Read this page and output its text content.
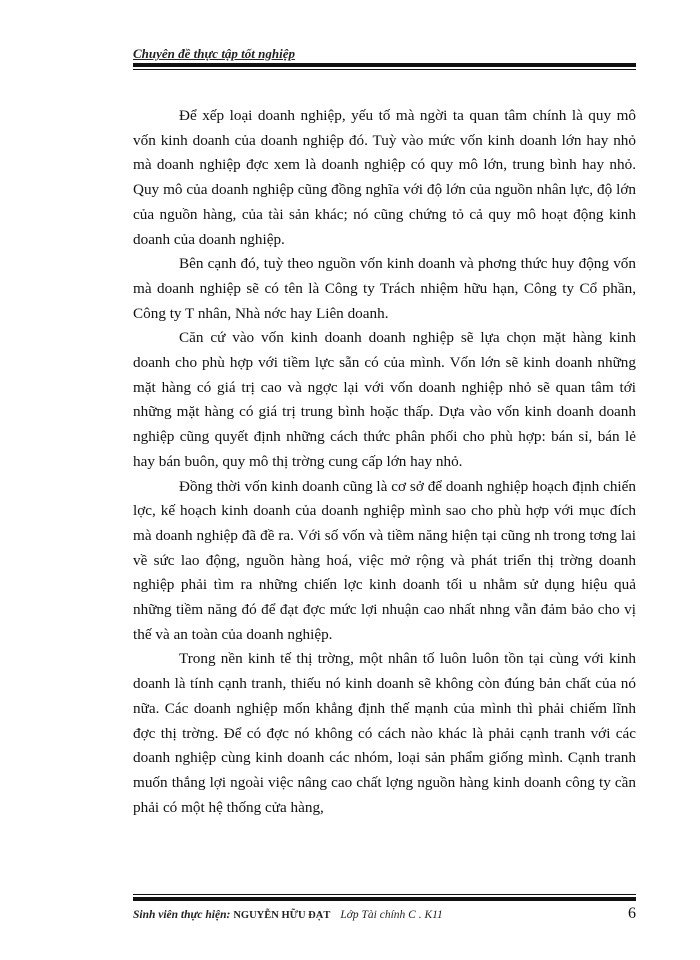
Chuyên đề thực tập tốt nghiệp

Để xếp loại doanh nghiệp, yếu tố mà ngời ta quan tâm chính là quy mô vốn kinh doanh của doanh nghiệp đó. Tuỳ vào mức vốn kinh doanh lớn hay nhỏ mà doanh nghiệp đợc xem là doanh nghiệp có quy mô lớn, trung bình hay nhỏ. Quy mô của doanh nghiệp cũng đồng nghĩa với độ lớn của nguồn nhân lực, độ lớn của nguồn hàng, của tài sản khác; nó cũng chứng tỏ cả quy mô hoạt động kinh doanh của doanh nghiệp.

Bên cạnh đó, tuỳ theo nguồn vốn kinh doanh và phơng thức huy động vốn mà doanh nghiệp sẽ có tên là Công ty Trách nhiệm hữu hạn, Công ty Cổ phần, Công ty T nhân, Nhà nớc hay Liên doanh.

Căn cứ vào vốn kinh doanh doanh nghiệp sẽ lựa chọn mặt hàng kinh doanh cho phù hợp với tiềm lực sẵn có của mình. Vốn lớn sẽ kinh doanh những mặt hàng có giá trị cao và ngợc lại với vốn doanh nghiệp nhỏ sẽ quan tâm tới những mặt hàng có giá trị trung bình hoặc thấp. Dựa vào vốn kinh doanh doanh nghiệp cũng quyết định những cách thức phân phối cho phù hợp: bán sỉ, bán lẻ hay bán buôn, quy mô thị trờng cung cấp lớn hay nhỏ.

Đồng thời vốn kinh doanh cũng là cơ sở để doanh nghiệp hoạch định chiến lợc, kế hoạch kinh doanh của doanh nghiệp mình sao cho phù hợp với mục đích mà doanh nghiệp đã đề ra. Với số vốn và tiềm năng hiện tại cũng nh trong tơng lai về sức lao động, nguồn hàng hoá, việc mở rộng và phát triển thị trờng doanh nghiệp phải tìm ra những chiến lợc kinh doanh tối u nhằm sử dụng hiệu quả những tiềm năng đó để đạt đợc mức lợi nhuận cao nhất nhng vẫn đảm bảo cho vị thế và an toàn của doanh nghiệp.

Trong nền kinh tế thị trờng, một nhân tố luôn luôn tồn tại cùng với kinh doanh là tính cạnh tranh, thiếu nó kinh doanh sẽ không còn đúng bản chất của nó nữa. Các doanh nghiệp mốn khẳng định thế mạnh của mình thì phải chiếm lĩnh đợc thị trờng. Để có đợc nó không có cách nào khác là phải cạnh tranh với các doanh nghiệp cùng kinh doanh các nhóm, loại sản phẩm giống mình. Cạnh tranh muốn thắng lợi ngoài việc nâng cao chất lợng nguồn hàng kinh doanh công ty cần phải có một hệ thống cửa hàng,

Sinh viên thực hiện: NGUYỄN HỮU ĐẠT Lớp Tài chính C . K11	6
